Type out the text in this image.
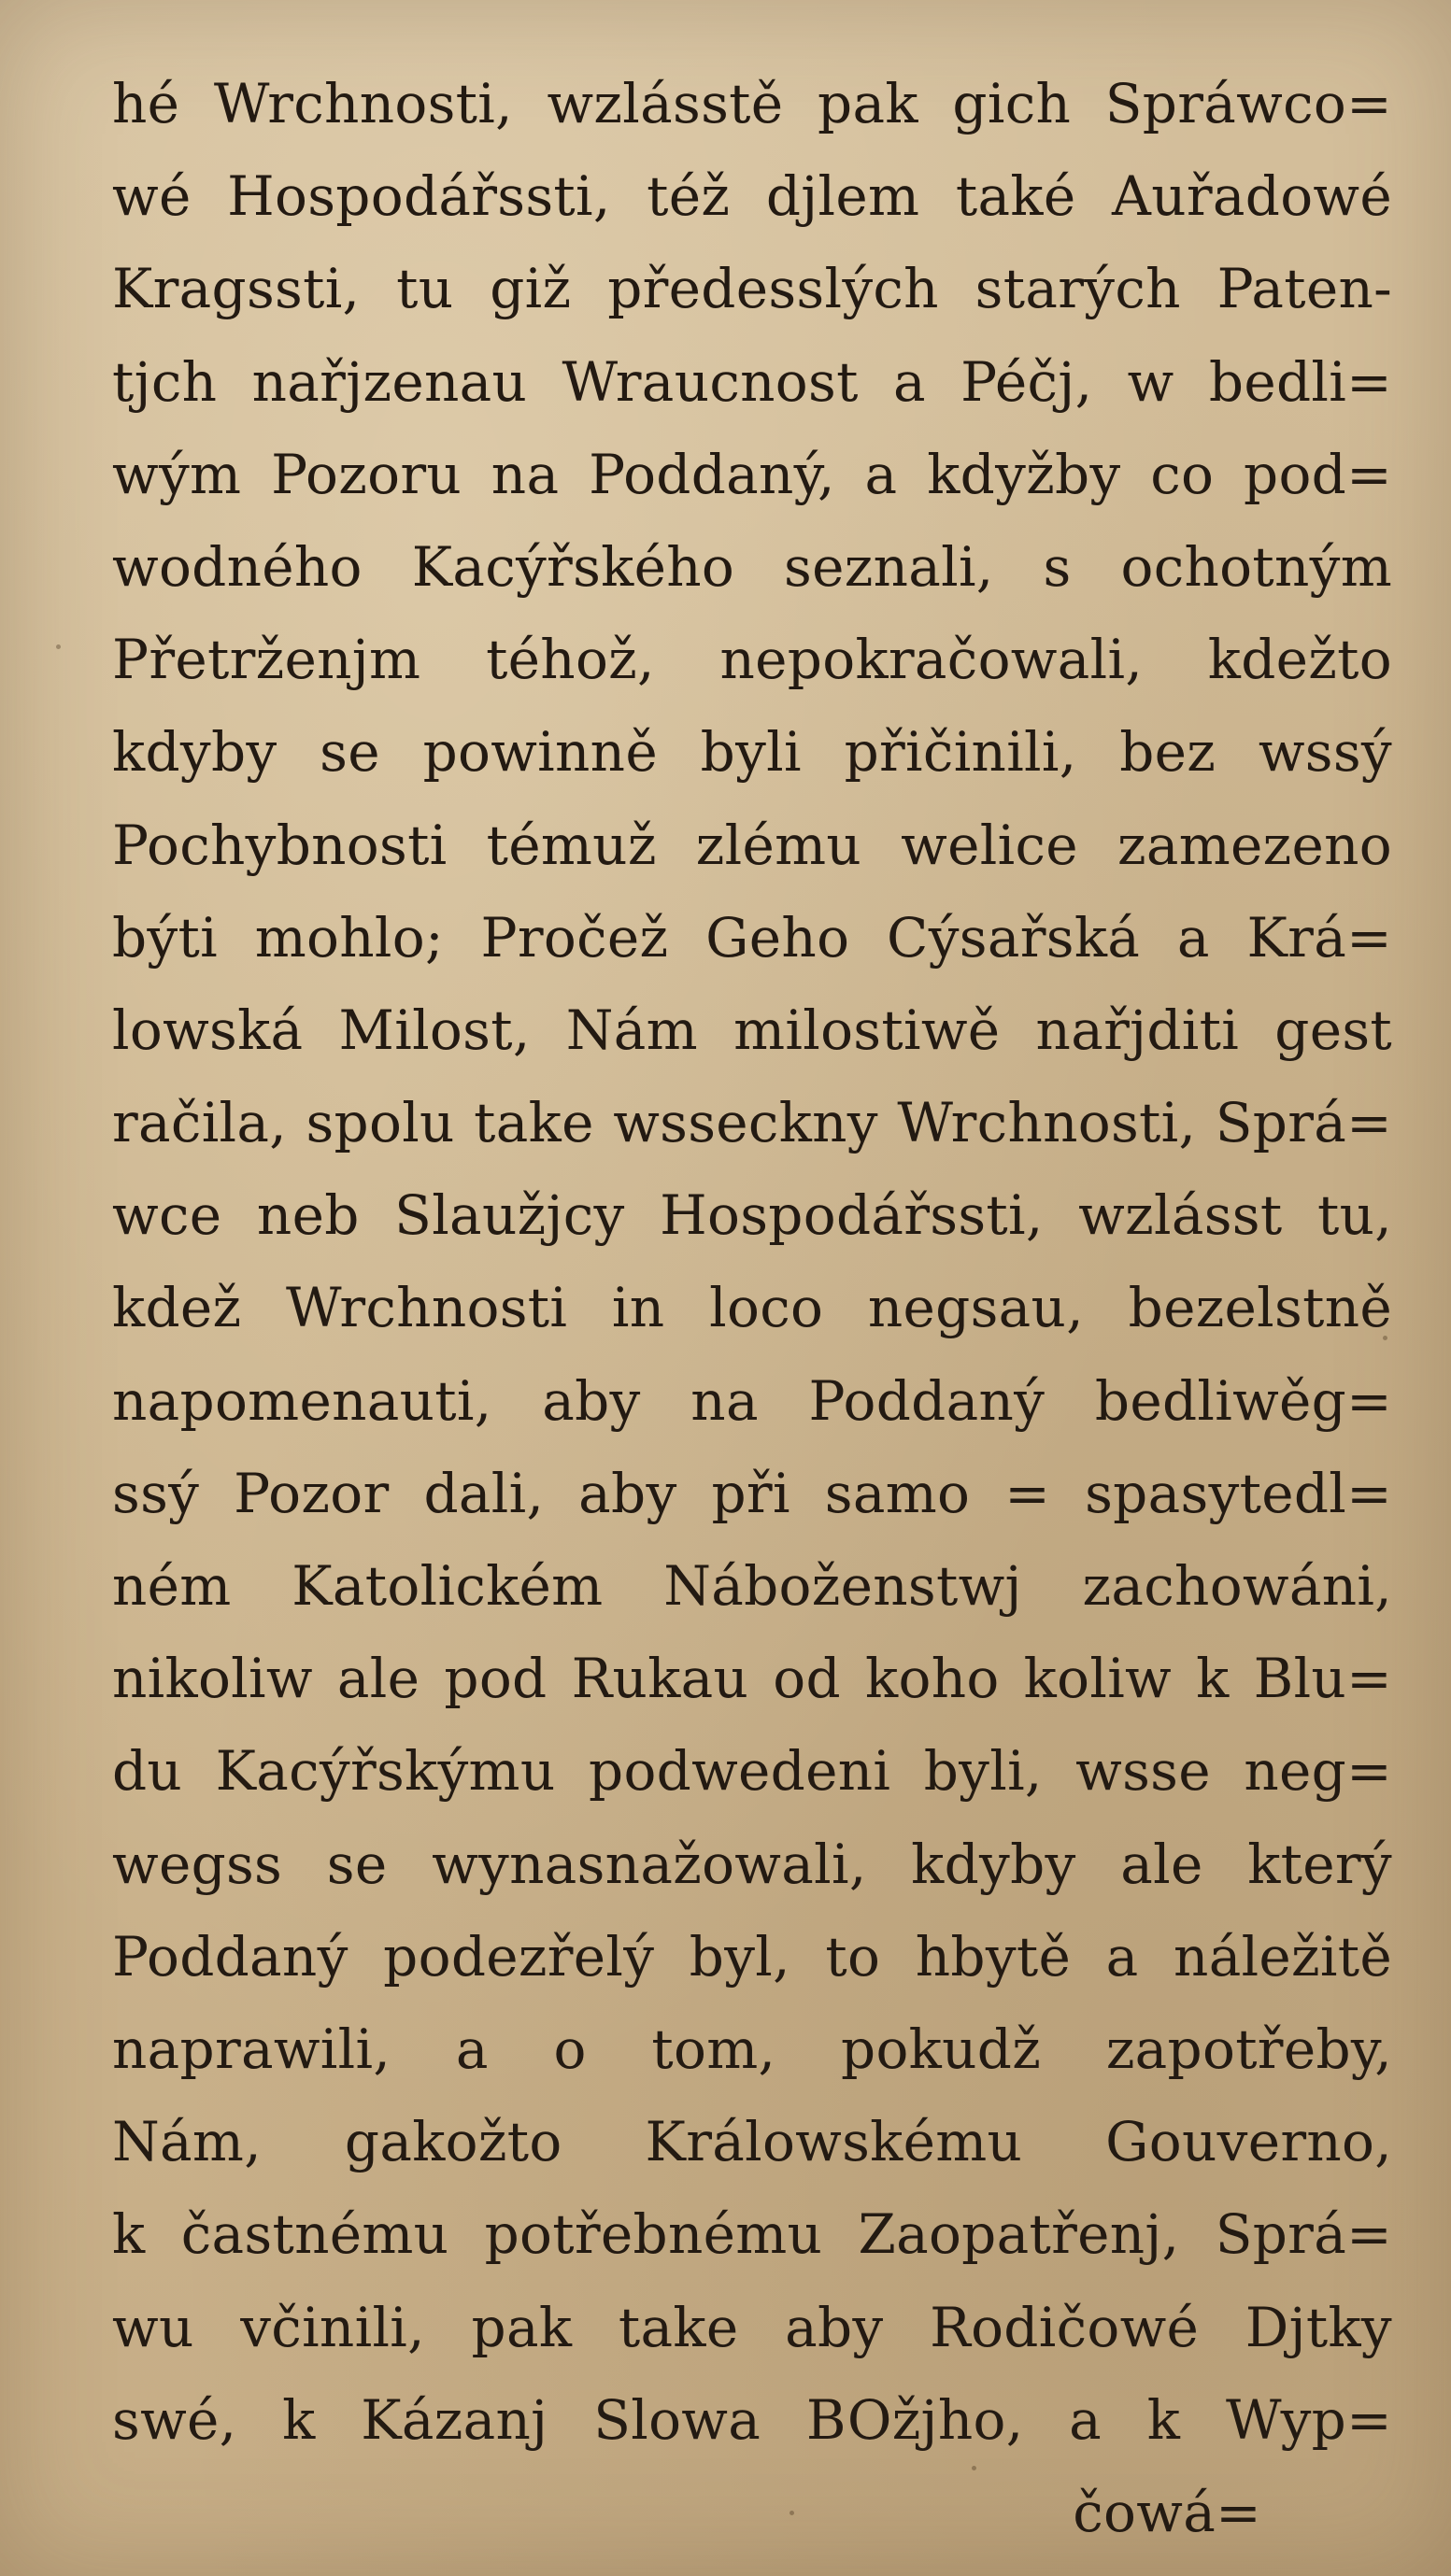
hé Wrchnosti, wzlásstě pak gich Spráwco=
wé Hospodářssti, též djlem také Auřadowé
Kragssti, tu giž předesslých starých Paten-
tjch nařjzenau Wraucnost a Péčj, w bedli=
wým Pozoru na Poddaný, a kdyžby co pod=
wodného Kacýřského seznali, s ochotným
Přetrženjm téhož, nepokračowali, kdežto
kdyby se powinně byli přičinili, bez wssý
Pochybnosti témuž zlému welice zamezeno
býti mohlo; Pročež Geho Cýsařská a Krá=
lowská Milost, Nám milostiwě nařjditi gest
račila, spolu take wsseckny Wrchnosti, Sprá=
wce neb Slaužjcy Hospodářssti, wzlásst tu,
kdež Wrchnosti in loco negsau, bezelstně
napomenauti, aby na Poddaný bedliwěg=
ssý Pozor dali, aby při samo = spasytedl=
ném Katolickém Náboženstwj zachowáni,
nikoliw ale pod Rukau od koho koliw k Blu=
du Kacýřskýmu podwedeni byli, wsse neg=
wegss se wynasnažowali, kdyby ale který
Poddaný podezřelý byl, to hbytě a náležitě
naprawili, a o tom, pokudž zapotřeby,
Nám, gakožto Králowskému Gouverno,
k častnému potřebnému Zaopatřenj, Sprá=
wu včinili, pak take aby Rodičowé Djtky
swé, k Kázanj Slowa BOžjho, a k Wyp=
čowá=
